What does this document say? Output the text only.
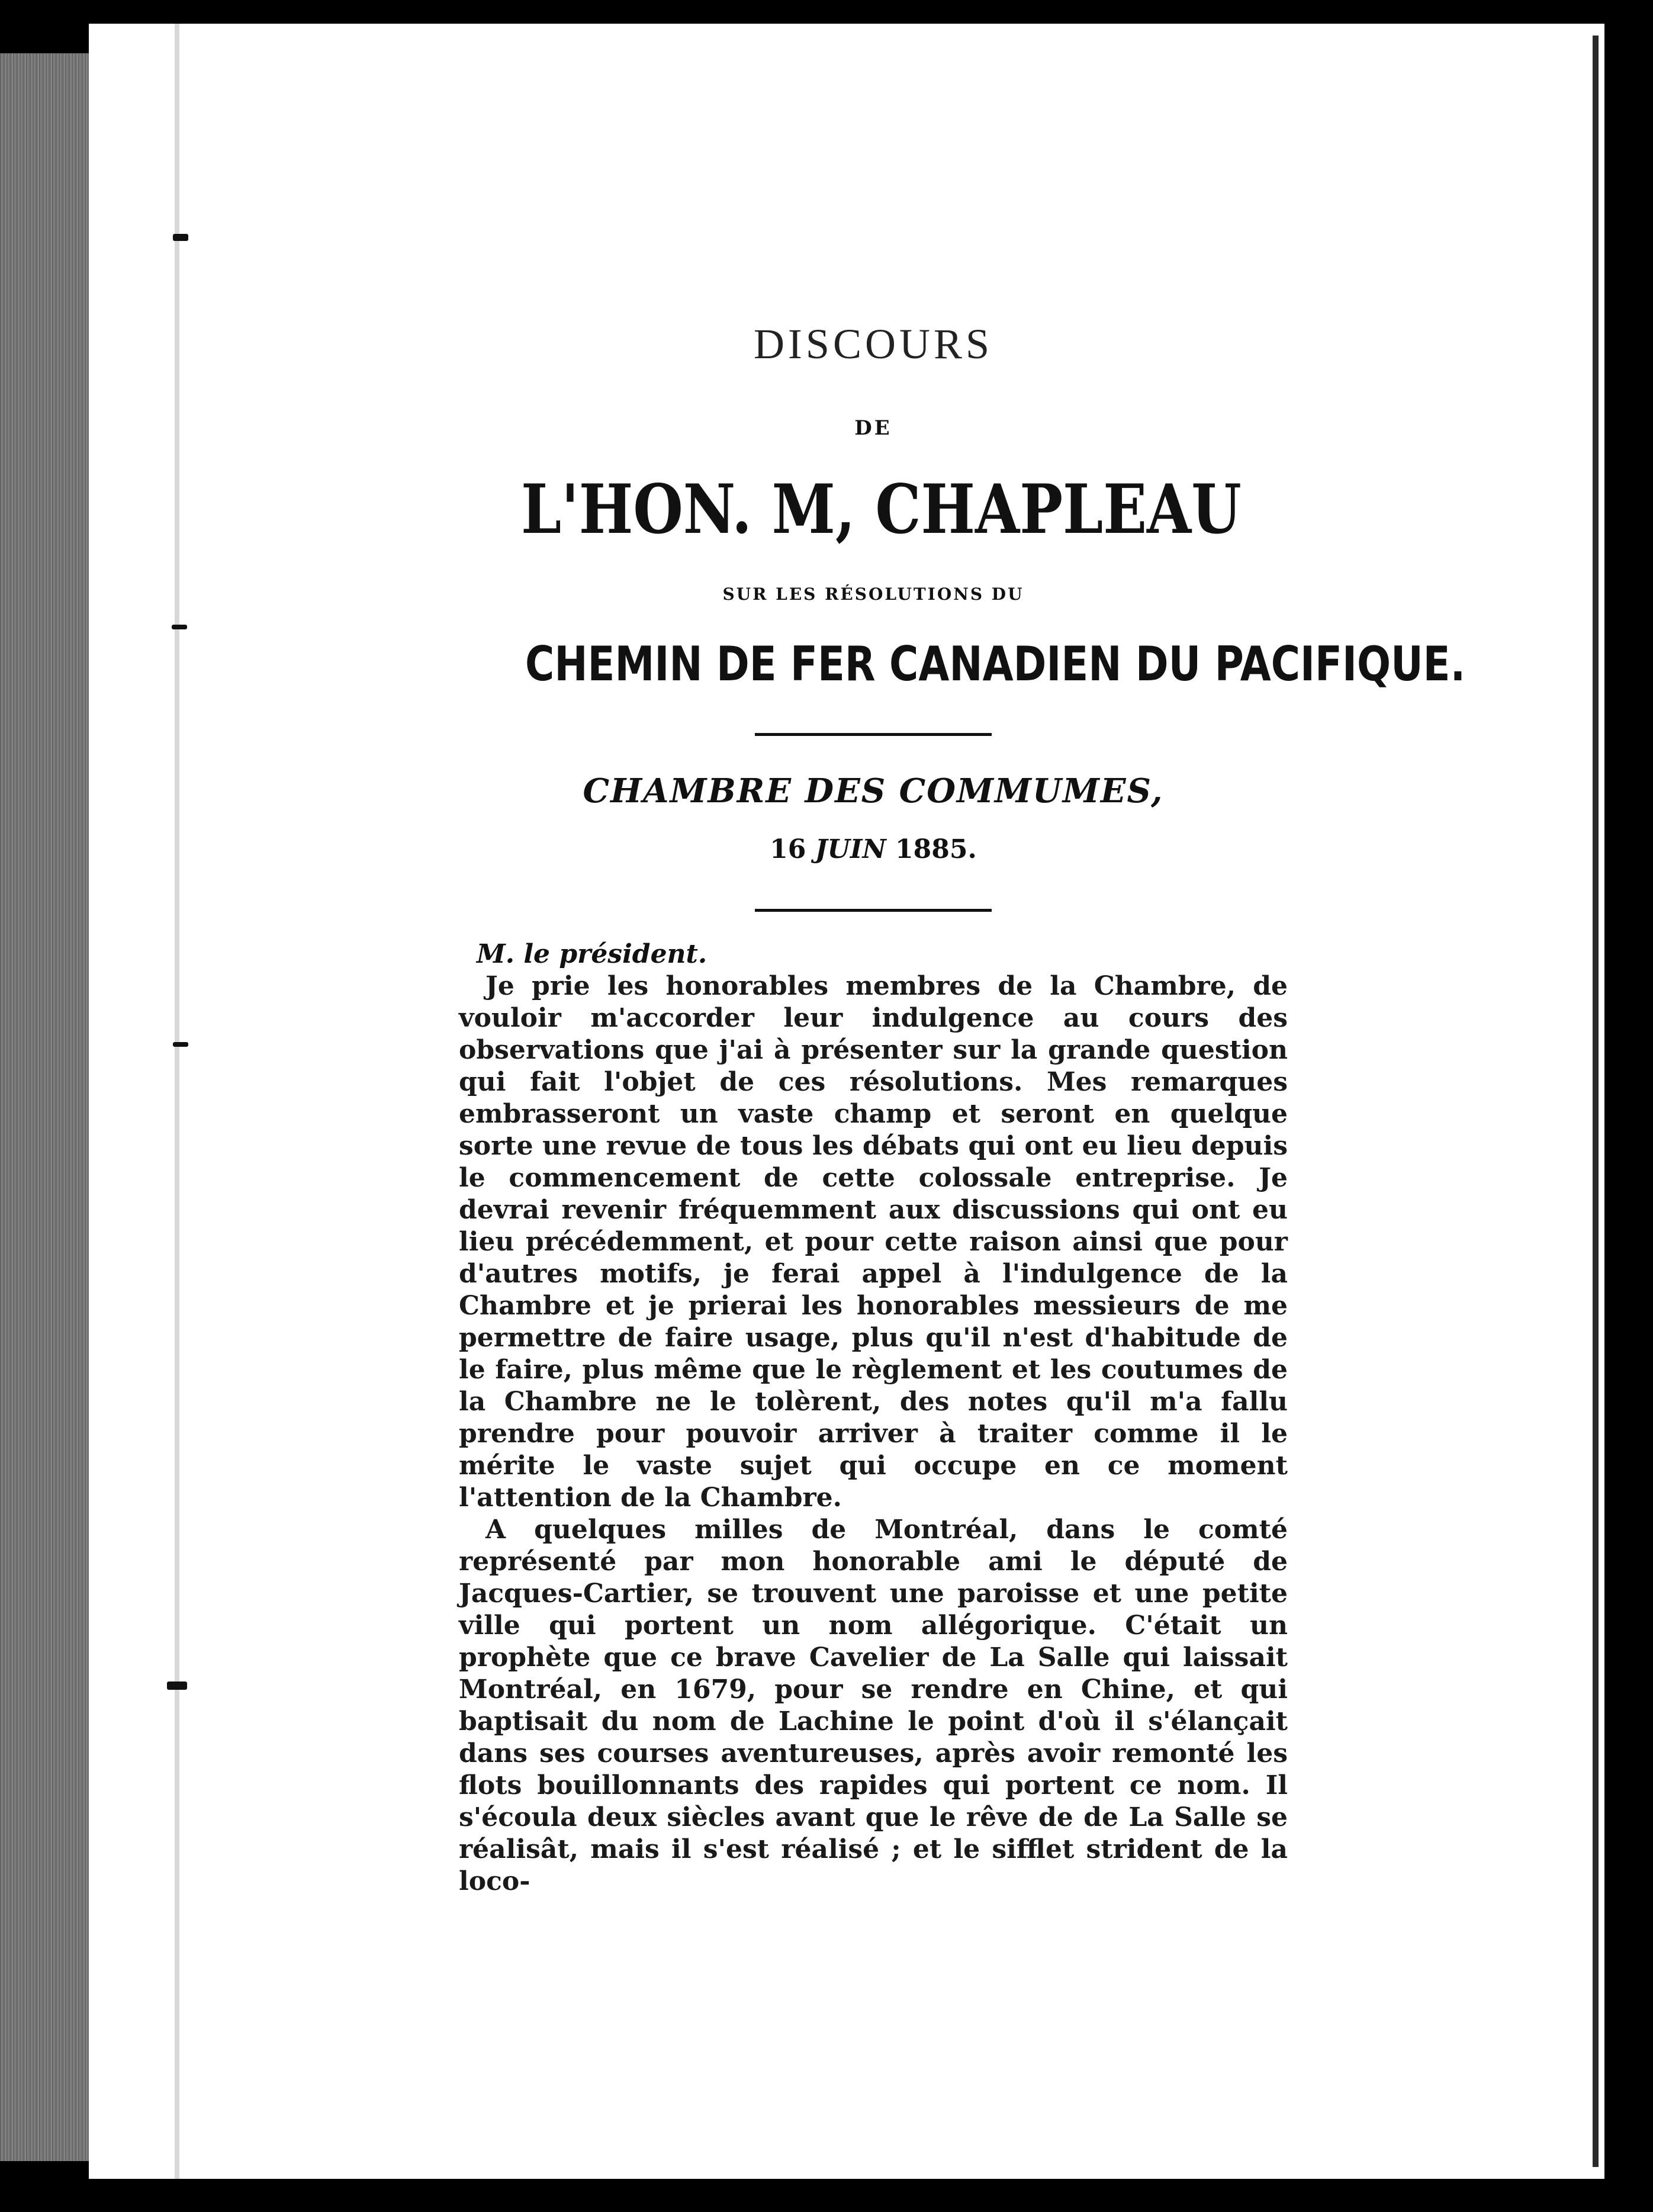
DISCOURS
DE
L'HON. M, CHAPLEAU
SUR LES RÉSOLUTIONS DU
CHEMIN DE FER CANADIEN DU PACIFIQUE.
CHAMBRE DES COMMUMES,
16 JUIN 1885.

M. le président.

Je prie les honorables membres de la Chambre, de vouloir m'accorder leur indulgence au cours des observations que j'ai à présenter sur la grande question qui fait l'objet de ces résolutions. Mes remarques embrasseront un vaste champ et seront en quelque sorte une revue de tous les débats qui ont eu lieu depuis le commencement de cette colossale entreprise. Je devrai revenir fréquemment aux discussions qui ont eu lieu précédemment, et pour cette raison ainsi que pour d'autres motifs, je ferai appel à l'indulgence de la Chambre et je prierai les honorables messieurs de me permettre de faire usage, plus qu'il n'est d'habitude de le faire, plus même que le règlement et les coutumes de la Chambre ne le tolèrent, des notes qu'il m'a fallu prendre pour pouvoir arriver à traiter comme il le mérite le vaste sujet qui occupe en ce moment l'attention de la Chambre.

A quelques milles de Montréal, dans le comté représenté par mon honorable ami le député de Jacques-Cartier, se trouvent une paroisse et une petite ville qui portent un nom allégorique. C'était un prophète que ce brave Cavelier de La Salle qui laissait Montréal, en 1679, pour se rendre en Chine, et qui baptisait du nom de Lachine le point d'où il s'élançait dans ses courses aventureuses, après avoir remonté les flots bouillonnants des rapides qui portent ce nom. Il s'écoula deux siècles avant que le rêve de de La Salle se réalisât, mais il s'est réalisé ; et le sifflet strident de la loco-
